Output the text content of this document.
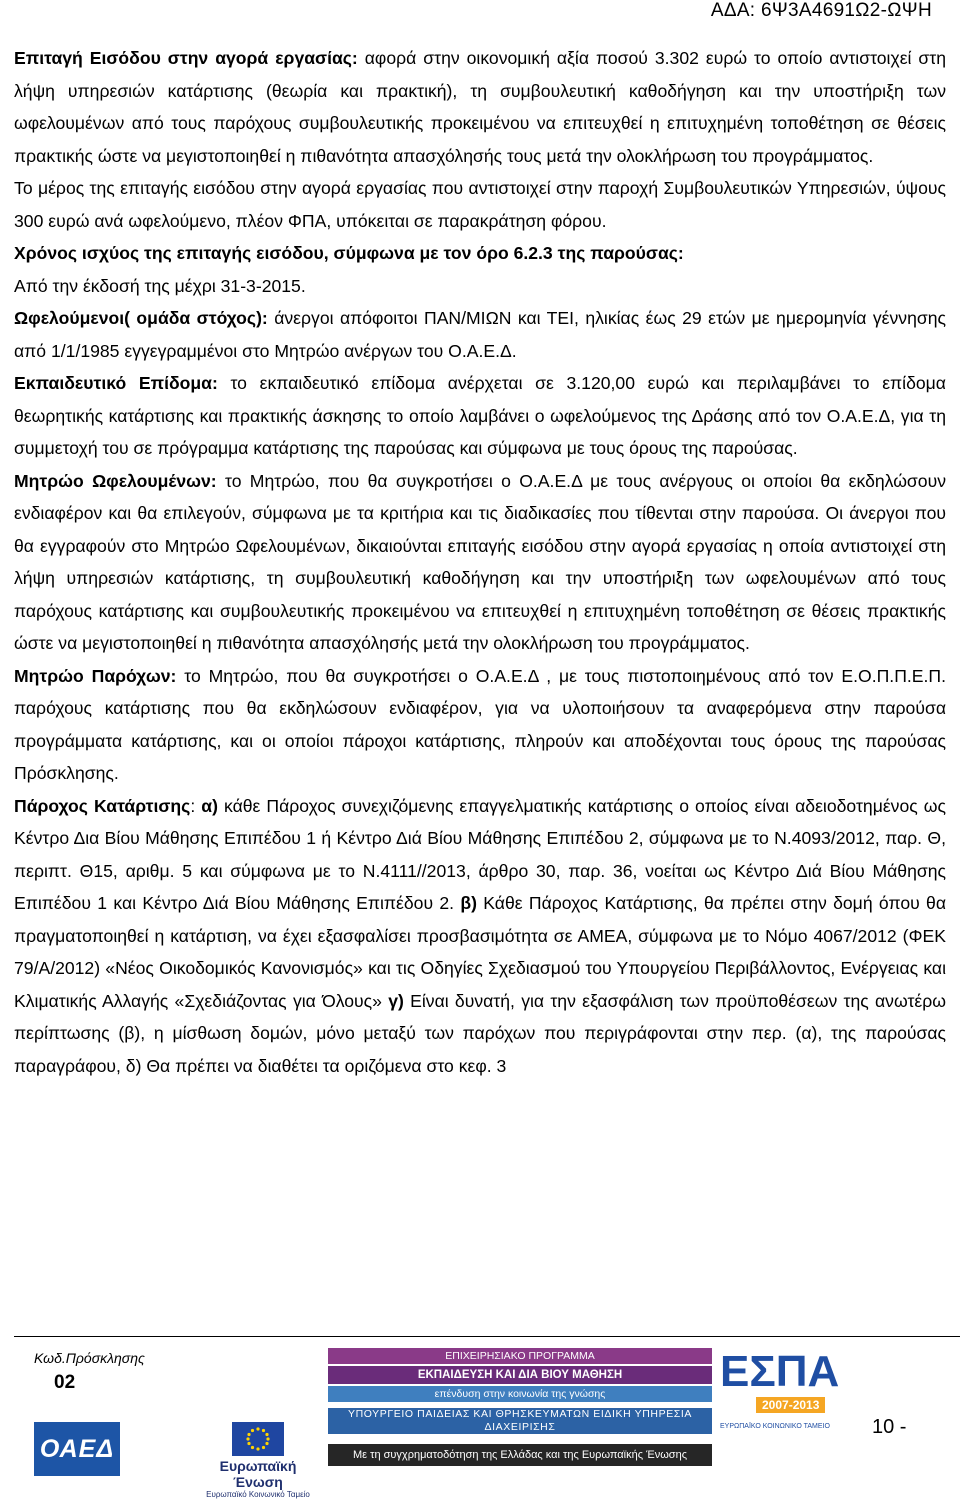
ΑΔΑ: 6Ψ3Α4691Ω2-ΩΨΗ

Επιταγή Εισόδου στην αγορά εργασίας: αφορά στην οικονομική αξία ποσού 3.302 ευρώ το οποίο αντιστοιχεί στη λήψη υπηρεσιών κατάρτισης (θεωρία και πρακτική), τη συμβουλευτική καθοδήγηση και την υποστήριξη των ωφελουμένων από τους παρόχους συμβουλευτικής προκειμένου να επιτευχθεί η επιτυχημένη τοποθέτηση σε θέσεις πρακτικής ώστε να μεγιστοποιηθεί η πιθανότητα απασχόλησής τους μετά την ολοκλήρωση του προγράμματος.

Το μέρος της επιταγής εισόδου στην αγορά εργασίας που αντιστοιχεί στην παροχή Συμβουλευτικών Υπηρεσιών, ύψους 300 ευρώ ανά ωφελούμενο, πλέον ΦΠΑ, υπόκειται σε παρακράτηση φόρου.

Χρόνος ισχύος της επιταγής εισόδου, σύμφωνα με τον όρο 6.2.3 της παρούσας:

Από την έκδοσή της μέχρι 31-3-2015.

Ωφελούμενοι( ομάδα στόχος): άνεργοι απόφοιτοι ΠΑΝ/ΜΙΩΝ και ΤΕΙ, ηλικίας έως 29 ετών με ημερομηνία γέννησης από 1/1/1985 εγγεγραμμένοι στο Μητρώο ανέργων του Ο.Α.Ε.Δ.

Εκπαιδευτικό Επίδομα: το εκπαιδευτικό επίδομα ανέρχεται σε 3.120,00 ευρώ και περιλαμβάνει το επίδομα θεωρητικής κατάρτισης και πρακτικής άσκησης το οποίο λαμβάνει ο ωφελούμενος της Δράσης από τον Ο.Α.Ε.Δ, για τη συμμετοχή του σε πρόγραμμα κατάρτισης της παρούσας και σύμφωνα με τους όρους της παρούσας.

Μητρώο Ωφελουμένων: το Μητρώο, που θα συγκροτήσει ο Ο.Α.Ε.Δ με τους ανέργους οι οποίοι θα εκδηλώσουν ενδιαφέρον και θα επιλεγούν, σύμφωνα με τα κριτήρια και τις διαδικασίες που τίθενται στην παρούσα. Οι άνεργοι που θα εγγραφούν στο Μητρώο Ωφελουμένων, δικαιούνται επιταγής εισόδου στην αγορά εργασίας η οποία αντιστοιχεί στη λήψη υπηρεσιών κατάρτισης, τη συμβουλευτική καθοδήγηση και την υποστήριξη των ωφελουμένων από τους παρόχους κατάρτισης και συμβουλευτικής προκειμένου να επιτευχθεί η επιτυχημένη τοποθέτηση σε θέσεις πρακτικής ώστε να μεγιστοποιηθεί η πιθανότητα απασχόλησής μετά την ολοκλήρωση του προγράμματος.

Μητρώο Παρόχων: το Μητρώο, που θα συγκροτήσει ο Ο.Α.Ε.Δ , με τους πιστοποιημένους από τον Ε.Ο.Π.Π.Ε.Π. παρόχους κατάρτισης που θα εκδηλώσουν ενδιαφέρον, για να υλοποιήσουν τα αναφερόμενα στην παρούσα προγράμματα κατάρτισης, και οι οποίοι πάροχοι κατάρτισης, πληρούν και αποδέχονται τους όρους της παρούσας Πρόσκλησης.

Πάροχος Κατάρτισης: α) κάθε Πάροχος συνεχιζόμενης επαγγελματικής κατάρτισης ο οποίος είναι αδειοδοτημένος ως Κέντρο Δια Βίου Μάθησης Επιπέδου 1 ή Κέντρο Διά Βίου Μάθησης Επιπέδου 2, σύμφωνα με το Ν.4093/2012, παρ. Θ, περιπτ. Θ15, αριθμ. 5 και σύμφωνα με το Ν.4111//2013, άρθρο 30, παρ. 36, νοείται ως Κέντρο Διά Βίου Μάθησης Επιπέδου 1 και Κέντρο Διά Βίου Μάθησης Επιπέδου 2. β) Κάθε Πάροχος Κατάρτισης, θα πρέπει στην δομή όπου θα πραγματοποιηθεί η κατάρτιση, να έχει εξασφαλίσει προσβασιμότητα σε ΑΜΕΑ, σύμφωνα με το Νόμο 4067/2012 (ΦΕΚ 79/Α/2012) «Νέος Οικοδομικός Κανονισμός» και τις Οδηγίες Σχεδιασμού του Υπουργείου Περιβάλλοντος, Ενέργειας και Κλιματικής Αλλαγής «Σχεδιάζοντας για Όλους» γ) Είναι δυνατή, για την εξασφάλιση των προϋποθέσεων της ανωτέρω περίπτωσης (β), η μίσθωση δομών, μόνο μεταξύ των παρόχων που περιγράφονται στην περ. (α), της παρούσας παραγράφου, δ) Θα πρέπει να διαθέτει τα οριζόμενα στο κεφ. 3

Κωδ.Πρόσκλησης
02
ΟΑΕΔ
Ευρωπαϊκή Ένωση
Ευρωπαϊκό Κοινωνικό Ταμείο
ΕΠΙΧΕΙΡΗΣΙΑΚΟ ΠΡΟΓΡΑΜΜΑ
ΕΚΠΑΙΔΕΥΣΗ ΚΑΙ ΔΙΑ ΒΙΟΥ ΜΑΘΗΣΗ
επένδυση στην κοινωνία της γνώσης
ΥΠΟΥΡΓΕΙΟ ΠΑΙΔΕΙΑΣ ΚΑΙ ΘΡΗΣΚΕΥΜΑΤΩΝ ΕΙΔΙΚΗ ΥΠΗΡΕΣΙΑ ΔΙΑΧΕΙΡΙΣΗΣ
Με τη συγχρηματοδότηση της Ελλάδας και της Ευρωπαϊκής Ένωσης
ΕΣΠΑ
2007-2013
ΕΥΡΩΠΑΪΚΟ ΚΟΙΝΩΝΙΚΟ ΤΑΜΕΙΟ	10 -
